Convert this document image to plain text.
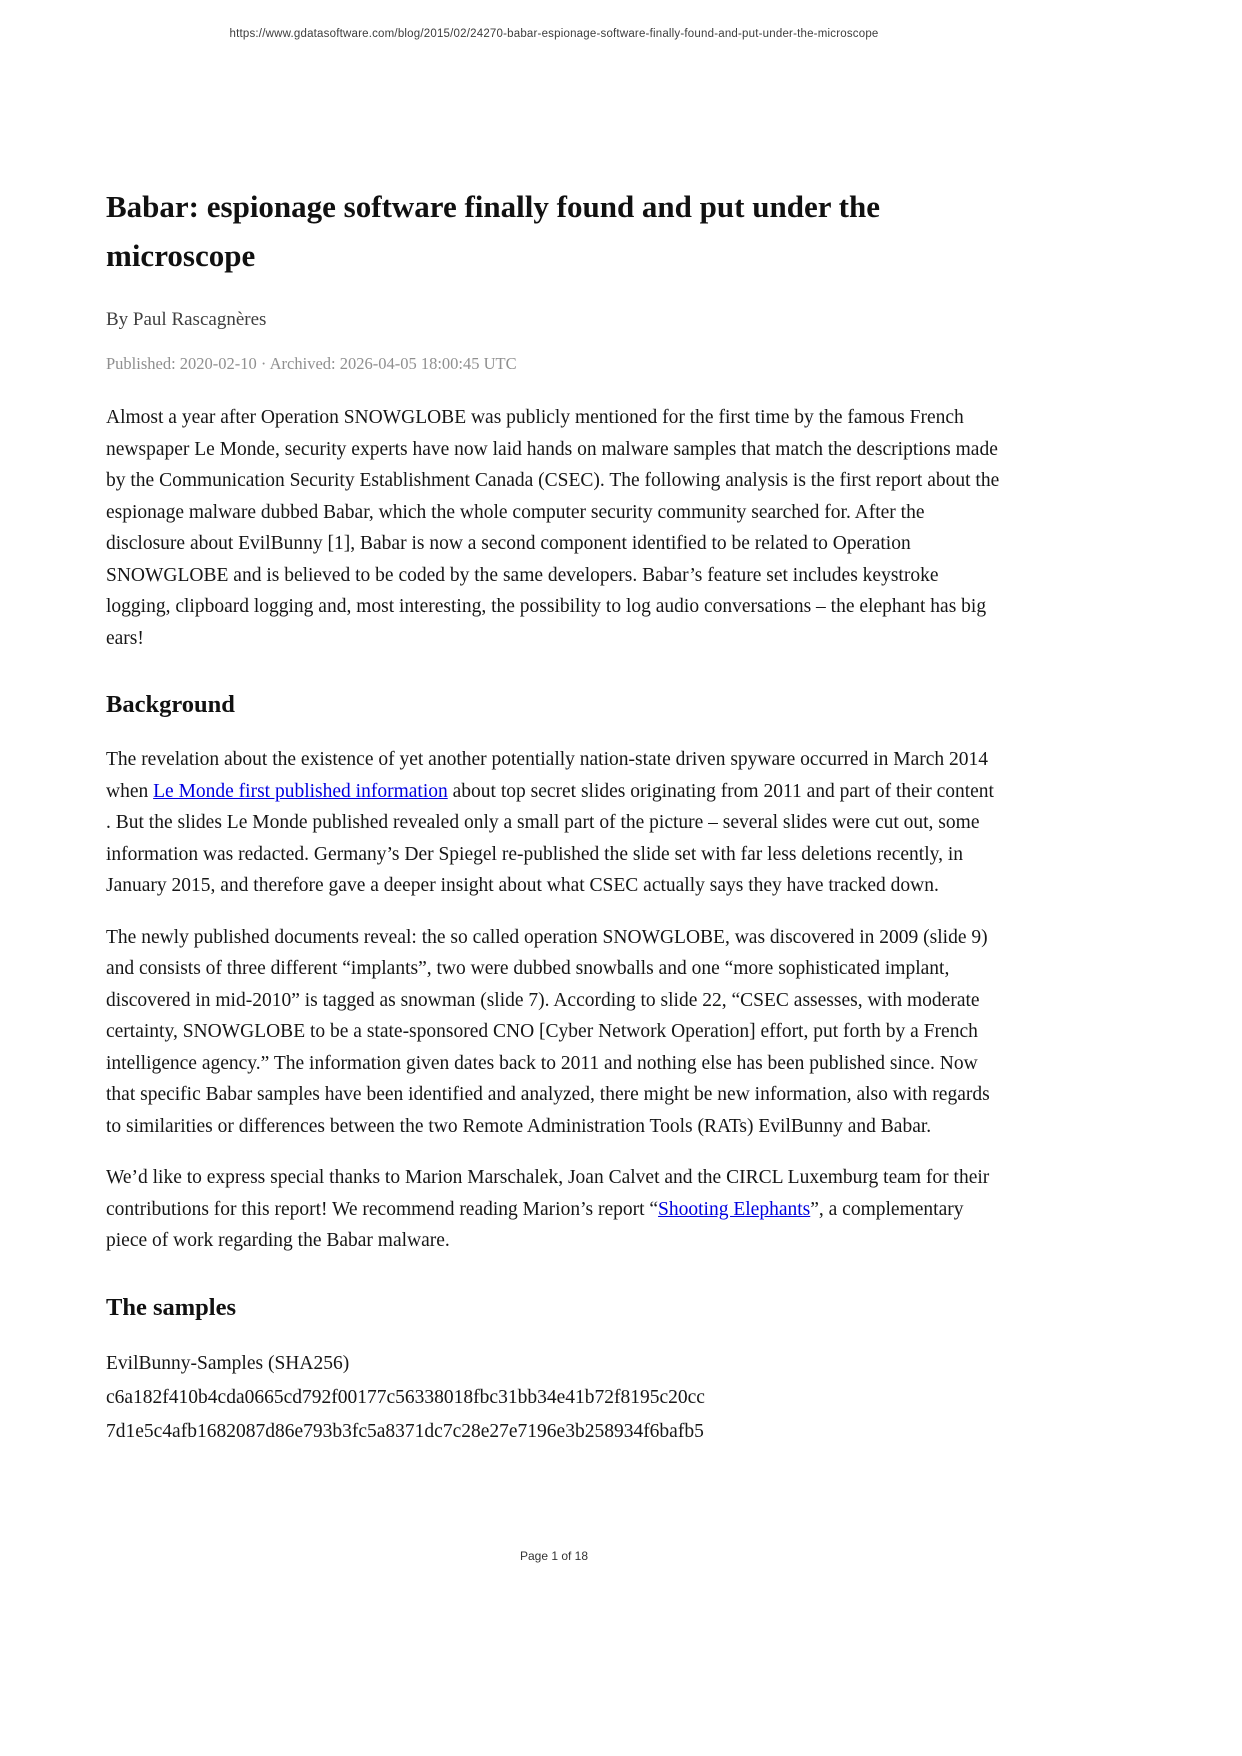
https://www.gdatasoftware.com/blog/2015/02/24270-babar-espionage-software-finally-found-and-put-under-the-microscope
Babar: espionage software finally found and put under the microscope

By Paul Rascagnères

Published: 2020-02-10 · Archived: 2026-04-05 18:00:45 UTC

Almost a year after Operation SNOWGLOBE was publicly mentioned for the first time by the famous French newspaper Le Monde, security experts have now laid hands on malware samples that match the descriptions made by the Communication Security Establishment Canada (CSEC). The following analysis is the first report about the espionage malware dubbed Babar, which the whole computer security community searched for. After the disclosure about EvilBunny [1], Babar is now a second component identified to be related to Operation SNOWGLOBE and is believed to be coded by the same developers. Babar’s feature set includes keystroke logging, clipboard logging and, most interesting, the possibility to log audio conversations – the elephant has big ears!

Background

The revelation about the existence of yet another potentially nation-state driven spyware occurred in March 2014 when Le Monde first published information about top secret slides originating from 2011 and part of their content . But the slides Le Monde published revealed only a small part of the picture – several slides were cut out, some information was redacted. Germany’s Der Spiegel re-published the slide set with far less deletions recently, in January 2015, and therefore gave a deeper insight about what CSEC actually says they have tracked down.

The newly published documents reveal: the so called operation SNOWGLOBE, was discovered in 2009 (slide 9) and consists of three different “implants”, two were dubbed snowballs and one “more sophisticated implant, discovered in mid-2010” is tagged as snowman (slide 7). According to slide 22, “CSEC assesses, with moderate certainty, SNOWGLOBE to be a state-sponsored CNO [Cyber Network Operation] effort, put forth by a French intelligence agency.” The information given dates back to 2011 and nothing else has been published since. Now that specific Babar samples have been identified and analyzed, there might be new information, also with regards to similarities or differences between the two Remote Administration Tools (RATs) EvilBunny and Babar.

We’d like to express special thanks to Marion Marschalek, Joan Calvet and the CIRCL Luxemburg team for their contributions for this report! We recommend reading Marion’s report “Shooting Elephants”, a complementary piece of work regarding the Babar malware.

The samples
EvilBunny-Samples (SHA256)
c6a182f410b4cda0665cd792f00177c56338018fbc31bb34e41b72f8195c20cc
7d1e5c4afb1682087d86e793b3fc5a8371dc7c28e27e7196e3b258934f6bafb5
Page 1 of 18
